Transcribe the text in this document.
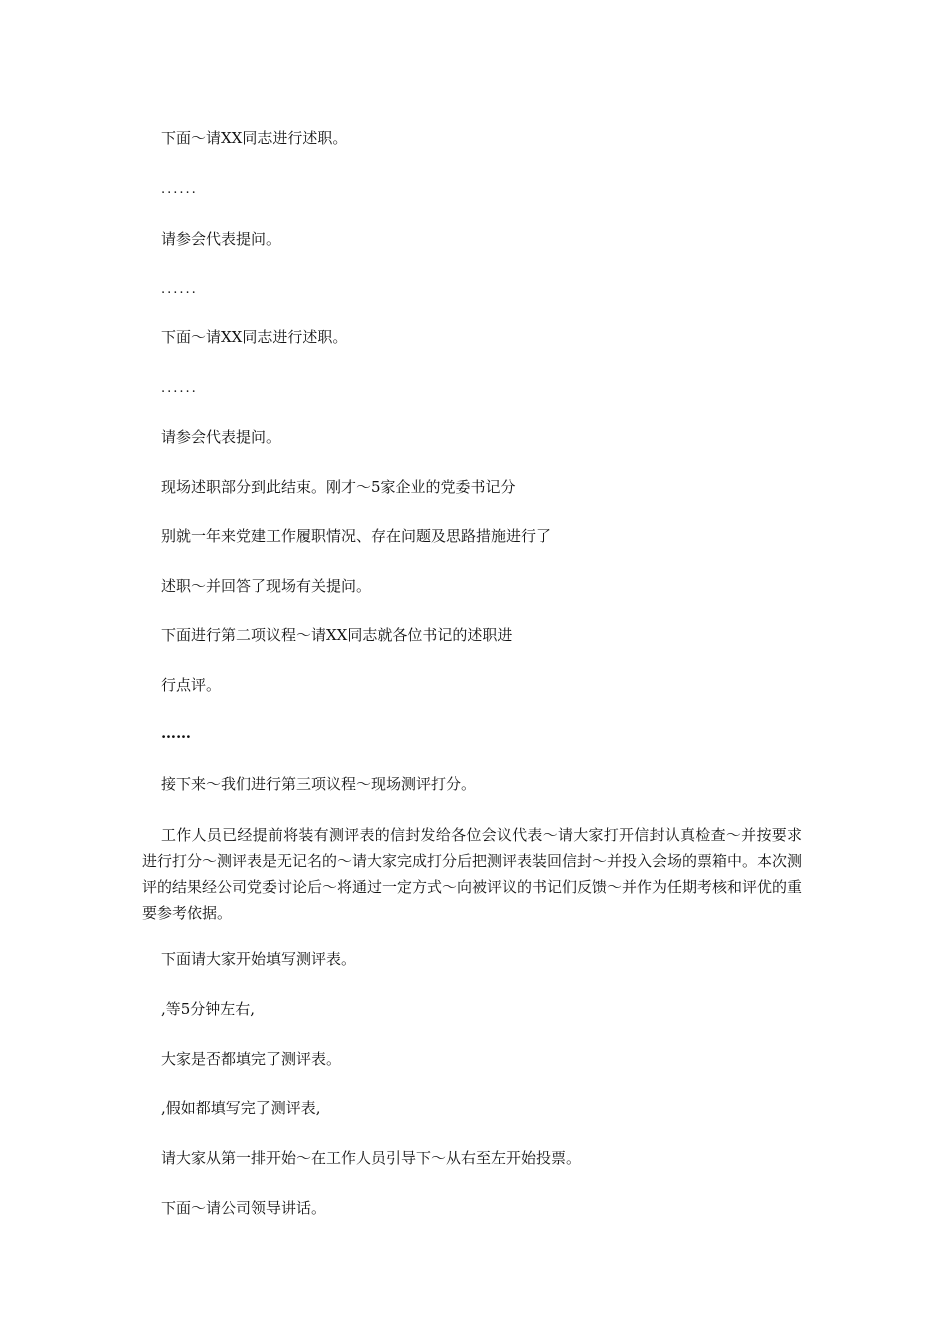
下面～请XX同志进行述职。

......

请参会代表提问。

......

下面～请XX同志进行述职。

......

请参会代表提问。

现场述职部分到此结束。刚才～5家企业的党委书记分

别就一年来党建工作履职情况、存在问题及思路措施进行了

述职～并回答了现场有关提问。

下面进行第二项议程～请XX同志就各位书记的述职进

行点评。

……

接下来～我们进行第三项议程～现场测评打分。

工作人员已经提前将装有测评表的信封发给各位会议代表～请大家打开信封认真检查～并按要求进行打分～测评表是无记名的～请大家完成打分后把测评表装回信封～并投入会场的票箱中。本次测评的结果经公司党委讨论后～将通过一定方式～向被评议的书记们反馈～并作为任期考核和评优的重要参考依据。

下面请大家开始填写测评表。

,等5分钟左右,

大家是否都填完了测评表。

,假如都填写完了测评表,

请大家从第一排开始～在工作人员引导下～从右至左开始投票。

下面～请公司领导讲话。
